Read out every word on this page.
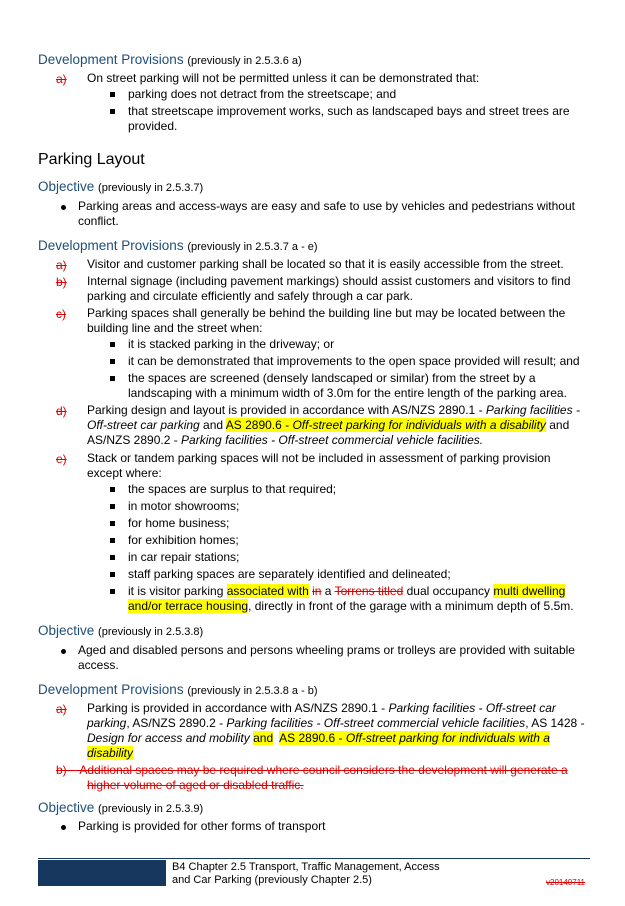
Development Provisions (previously in 2.5.3.6 a)
a) On street parking will not be permitted unless it can be demonstrated that:
parking does not detract from the streetscape; and
that streetscape improvement works, such as landscaped bays and street trees are
provided.
Parking Layout
Objective (previously in 2.5.3.7)
Parking areas and access-ways are easy and safe to use by vehicles and pedestrians without
conflict.
Development Provisions (previously in 2.5.3.7 a - e)
a) Visitor and customer parking shall be located so that it is easily accessible from the street.
b) Internal signage (including pavement markings) should assist customers and visitors to find
parking and circulate efficiently and safely through a car park.
c) Parking spaces shall generally be behind the building line but may be located between the
building line and the street when:
it is stacked parking in the driveway; or
it can be demonstrated that improvements to the open space provided will result; and
the spaces are screened (densely landscaped or similar) from the street by a
landscaping with a minimum width of 3.0m for the entire length of the parking area.
d) Parking design and layout is provided in accordance with AS/NZS 2890.1 - Parking facilities -
Off-street car parking and AS 2890.6 - Off-street parking for individuals with a disability and
AS/NZS 2890.2 - Parking facilities - Off-street commercial vehicle facilities.
e) Stack or tandem parking spaces will not be included in assessment of parking provision
except where:
the spaces are surplus to that required;
in motor showrooms;
for home business;
for exhibition homes;
in car repair stations;
staff parking spaces are separately identified and delineated;
it is visitor parking associated with in a Torrens titled dual occupancy multi dwelling
and/or terrace housing, directly in front of the garage with a minimum depth of 5.5m.
Objective (previously in 2.5.3.8)
Aged and disabled persons and persons wheeling prams or trolleys are provided with suitable
access.
Development Provisions (previously in 2.5.3.8 a - b)
a) Parking is provided in accordance with AS/NZS 2890.1 - Parking facilities - Off-street car
parking, AS/NZS 2890.2 - Parking facilities - Off-street commercial vehicle facilities, AS 1428 -
Design for access and mobility and AS 2890.6 - Off-street parking for individuals with a
disability
b)    Additional spaces may be required where council considers the development will generate a
higher volume of aged or disabled traffic.
Objective (previously in 2.5.3.9)
Parking is provided for other forms of transport
B4 Chapter 2.5 Transport, Traffic Management, Access
and Car Parking (previously Chapter 2.5)	v20140711
